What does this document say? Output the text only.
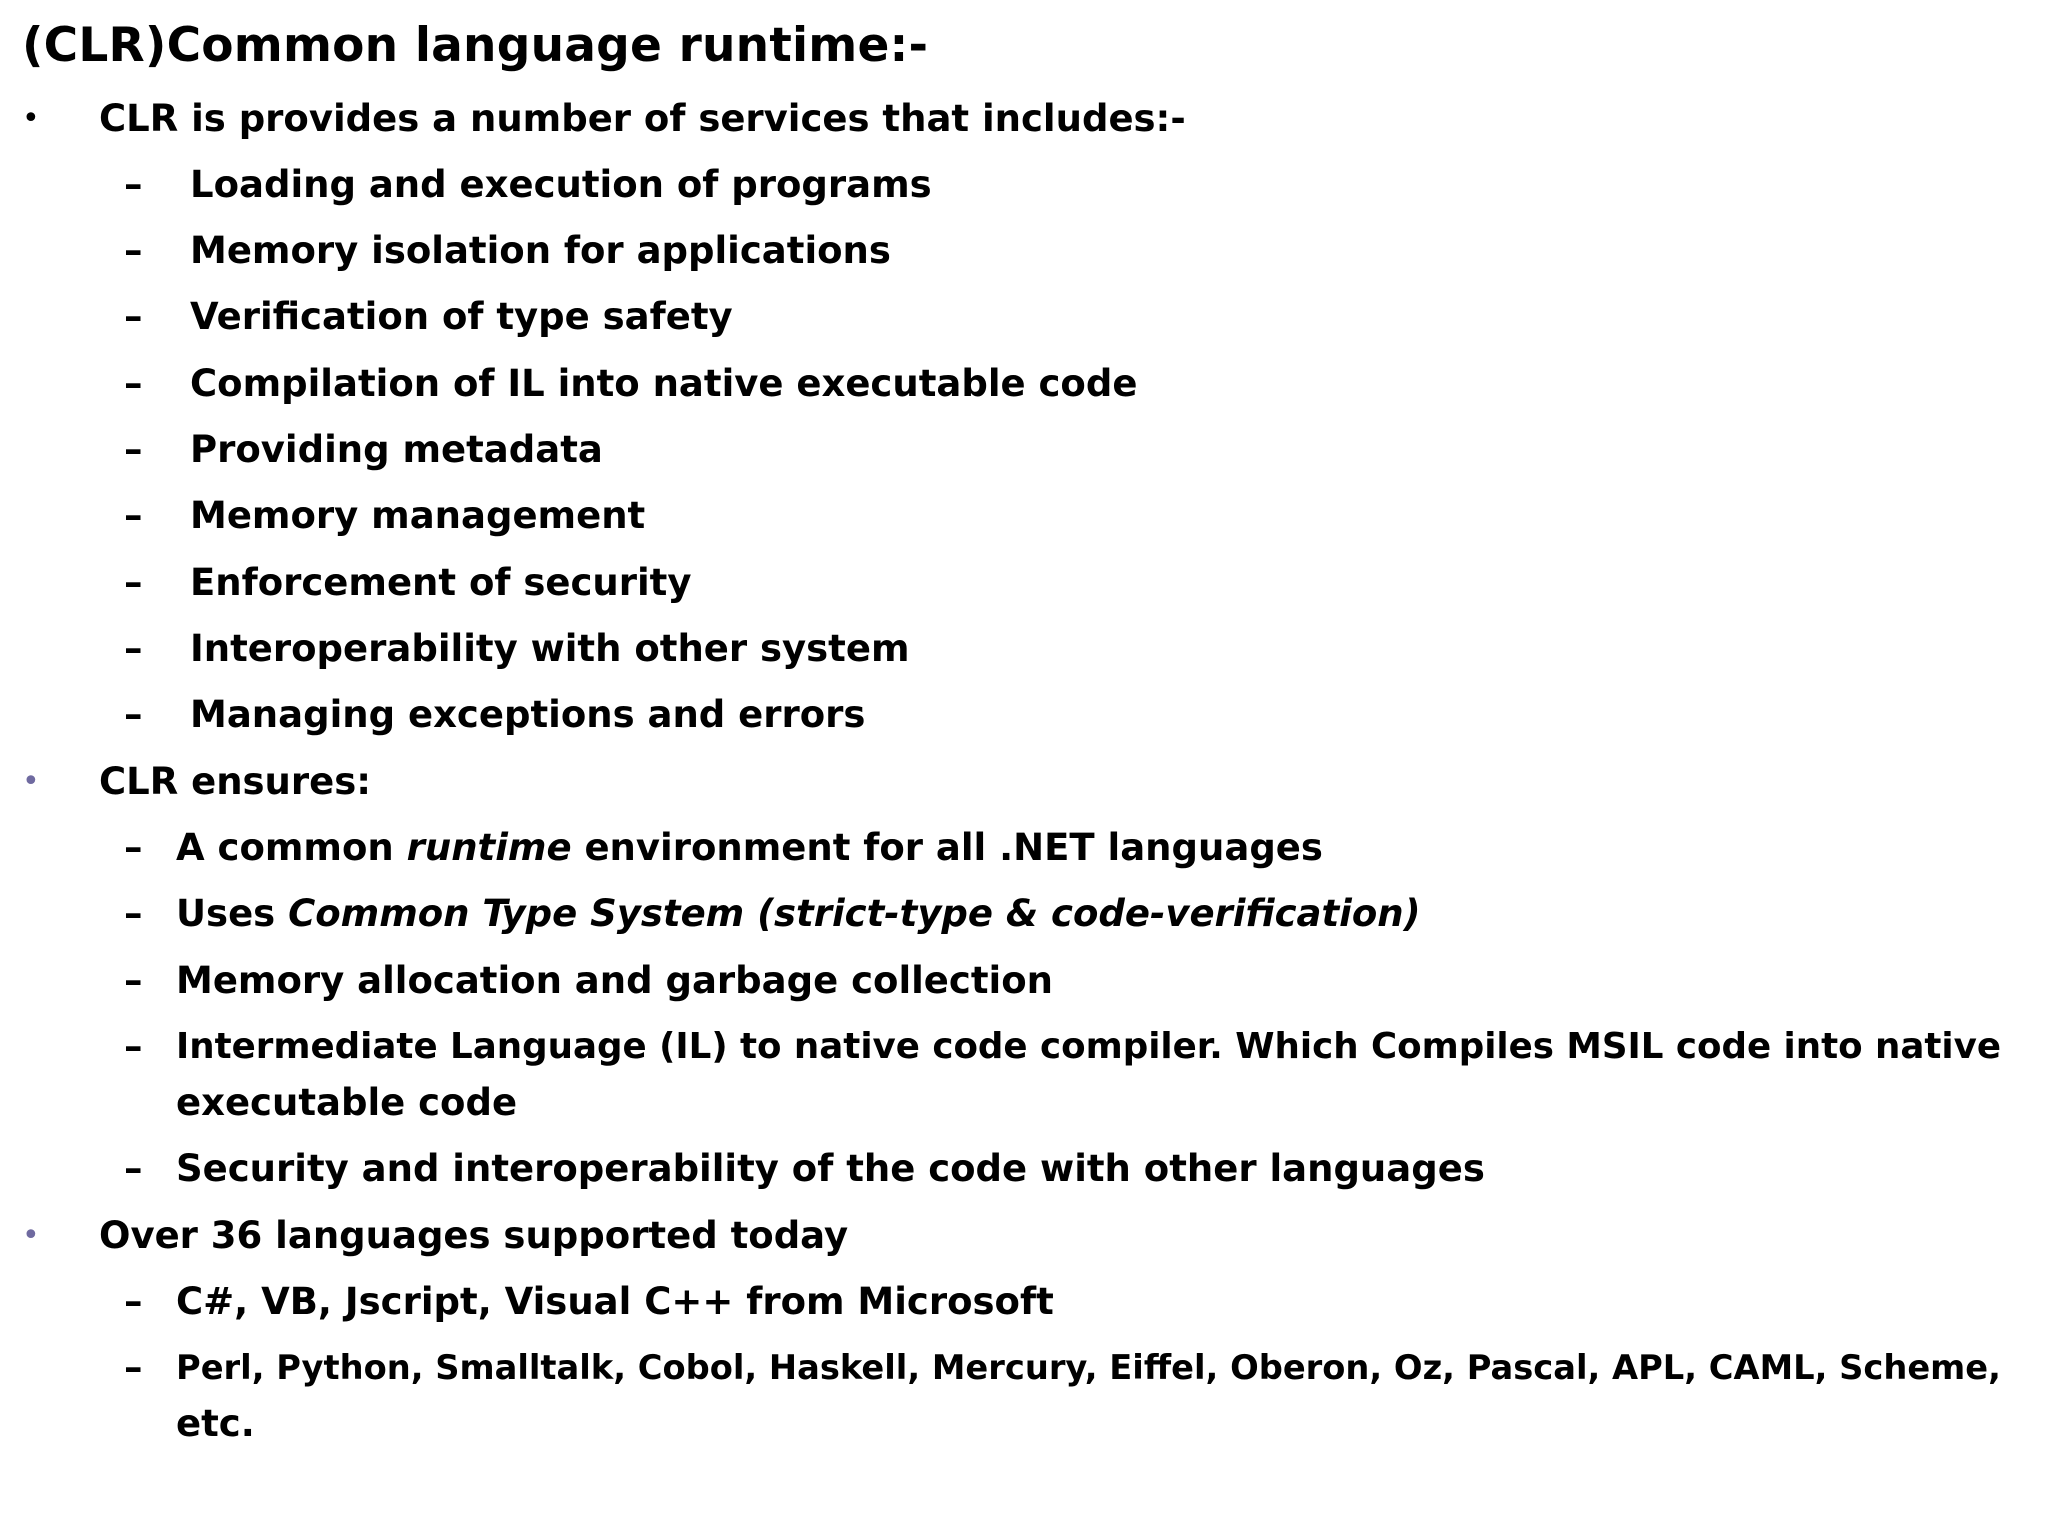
(CLR)Common language runtime:-
• CLR is provides a number of services that includes:-
– Loading and execution of programs
– Memory isolation for applications
– Verification of type safety
– Compilation of IL into native executable code
– Providing metadata
– Memory management
– Enforcement of security
– Interoperability with other system
– Managing exceptions and errors
• CLR ensures:
– A common runtime environment for all .NET languages
– Uses Common Type System (strict-type & code-verification)
– Memory allocation and garbage collection
– Intermediate Language (IL) to native code compiler. Which Compiles MSIL code into native
executable code
– Security and interoperability of the code with other languages
• Over 36 languages supported today
– C#, VB, Jscript, Visual C++ from Microsoft
– Perl, Python, Smalltalk, Cobol, Haskell, Mercury, Eiffel, Oberon, Oz, Pascal, APL, CAML, Scheme,
etc.
